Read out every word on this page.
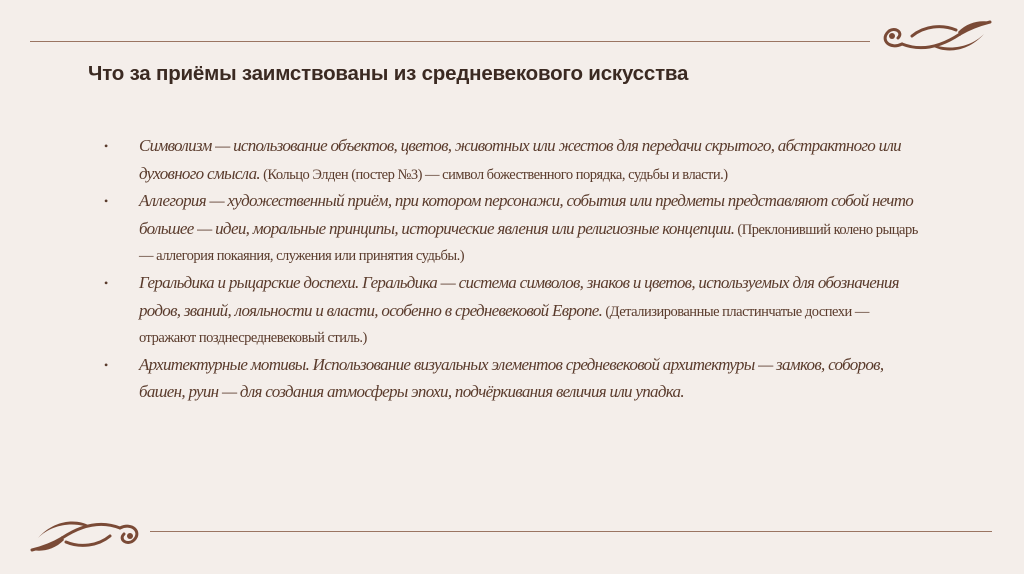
Что за приёмы заимствованы из средневекового искусства
• Символизм — использование объектов, цветов, животных или жестов для передачи скрытого, абстрактного или духовного смысла. (Кольцо Элден (постер №3) — символ божественного порядка, судьбы и власти.)
• Аллегория — художественный приём, при котором персонажи, события или предметы представляют собой нечто большее — идеи, моральные принципы, исторические явления или религиозные концепции. (Преклонивший колено рыцарь — аллегория покаяния, служения или принятия судьбы.)
• Геральдика и рыцарские доспехи. Геральдика — система символов, знаков и цветов, используемых для обозначения родов, званий, лояльности и власти, особенно в средневековой Европе. (Детализированные пластинчатые доспехи — отражают позднесредневековый стиль.)
• Архитектурные мотивы. Использование визуальных элементов средневековой архитектуры — замков, соборов, башен, руин — для создания атмосферы эпохи, подчёркивания величия или упадка.
